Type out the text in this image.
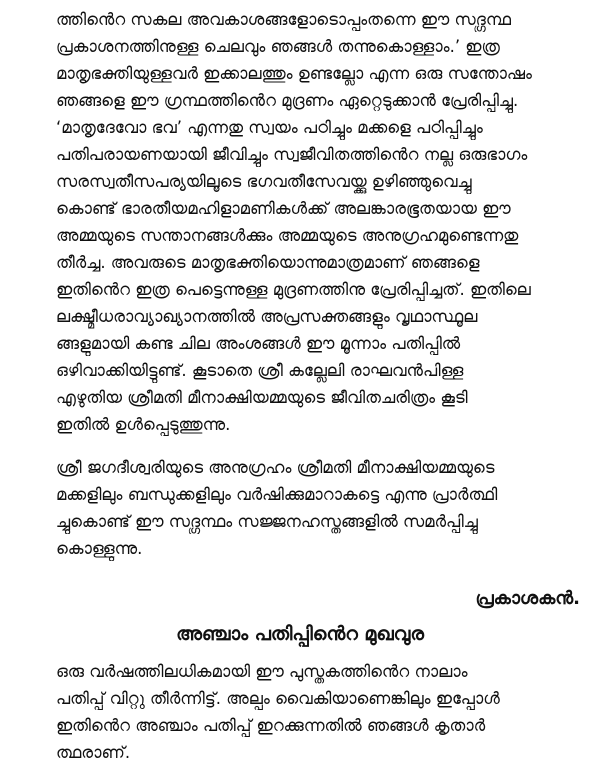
ത്തിൻെറ സകല അവകാശങ്ങളോടൊപ്പംതന്നെ ഈ സദ്ഗ്രന്ഥ
പ്രകാശനത്തിനുള്ള ചെലവും ഞങ്ങൾ തന്നുകൊള്ളാം.’ ഇത്ര
മാതൃഭക്തിയുള്ളവർ ഇക്കാലത്തും ഉണ്ടല്ലോ എന്ന ഒരു സന്തോഷം
ഞങ്ങളെ ഈ ഗ്രന്ഥത്തിൻെറ മുദ്രണം ഏറ്റെടുക്കാൻ പ്രേരിപ്പിച്ചു.
‘മാതൃദേവോ ഭവ’ എന്നതു സ്വയം പഠിച്ചും മക്കളെ പഠിപ്പിച്ചും
പതിപരായണയായി ജീവിച്ചും സ്വജീവിതത്തിൻെറ നല്ല ഒരുഭാഗം
സരസ്വതീസപര്യയിലൂടെ ഭഗവതീസേവയ്ക്കു ഉഴിഞ്ഞുവെച്ചു
കൊണ്ട് ഭാരതീയമഹിളാമണികൾക്ക് അലങ്കാരഭൂതയായ ഈ
അമ്മയുടെ സന്താനങ്ങൾക്കും അമ്മയുടെ അനുഗ്രഹമുണ്ടെന്നതു
തീർച്ച. അവരുടെ മാതൃഭക്തിയൊന്നുമാത്രമാണ് ഞങ്ങളെ
ഇതിൻെറ ഇത്ര പെട്ടെന്നുള്ള മുദ്രണത്തിനു പ്രേരിപ്പിച്ചത്. ഇതിലെ
ലക്ഷ്മീധരാവ്യാഖ്യാനത്തിൽ അപ്രസക്തങ്ങളും വൃഥാസ്ഥൂല
ങ്ങളുമായി കണ്ട ചില അംശങ്ങൾ ഈ മൂന്നാം പതിപ്പിൽ
ഒഴിവാക്കിയിട്ടുണ്ട്. കൂടാതെ ശ്രീ കല്ലേലി രാഘവൻപിള്ള
എഴുതിയ ശ്രീമതി മീനാക്ഷിയമ്മയുടെ ജീവിതചരിത്രം കൂടി
ഇതിൽ ഉൾപ്പെടുത്തുന്നു.
ശ്രീ ജഗദീശ്വരിയുടെ അനുഗ്രഹം ശ്രീമതി മീനാക്ഷിയമ്മയുടെ
മക്കളിലും ബന്ധുക്കളിലും വർഷിക്കുമാറാകട്ടെ എന്നു പ്രാർത്ഥി
ച്ചുകൊണ്ട് ഈ സദ്ഗ്രന്ഥം സജ്ജനഹസ്തങ്ങളിൽ സമർപ്പിച്ചു
കൊള്ളുന്നു.
പ്രകാശകൻ.
അഞ്ചാം പതിപ്പിൻെറ മുഖവുര
ഒരു വർഷത്തിലധികമായി ഈ പുസ്തകത്തിൻെറ നാലാം
പതിപ്പ് വിറ്റു തീർന്നിട്ട്. അല്പം വൈകിയാണെങ്കിലും ഇപ്പോൾ
ഇതിൻെറ അഞ്ചാം പതിപ്പ് ഇറക്കുന്നതിൽ ഞങ്ങൾ കൃതാർ
ത്ഥരാണ്.
